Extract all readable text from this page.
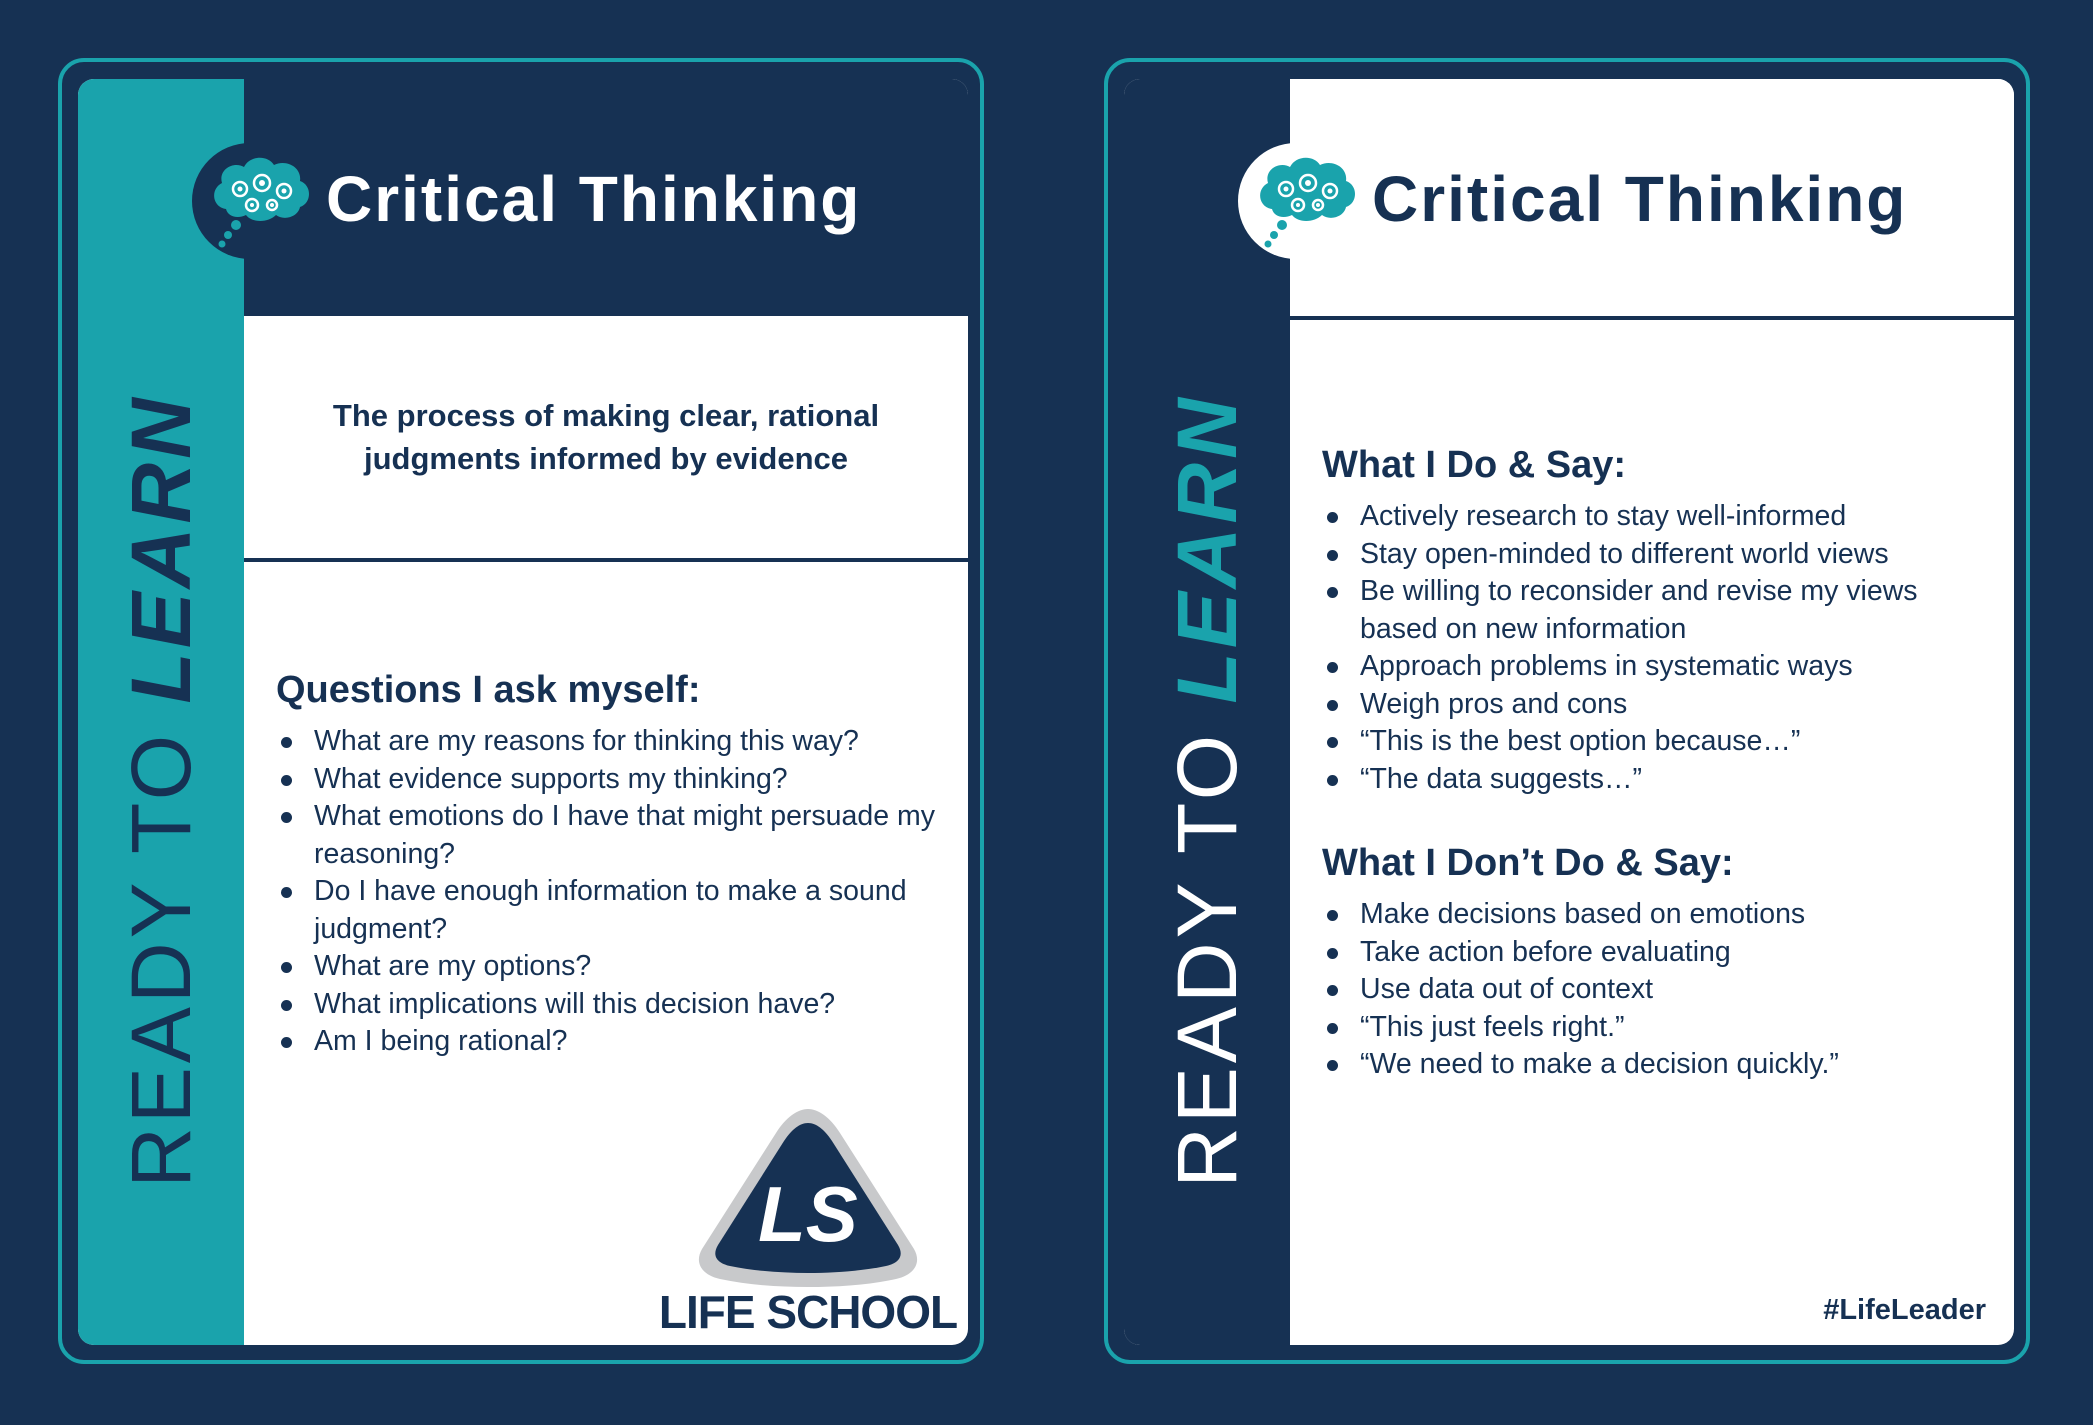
READY TO LEARN
Critical Thinking
The process of making clear, rational judgments informed by evidence
Questions I ask myself:
What are my reasons for thinking this way?
What evidence supports my thinking?
What emotions do I have that might persuade my reasoning?
Do I have enough information to make a sound judgment?
What are my options?
What implications will this decision have?
Am I being rational?
LS
LIFE SCHOOL
READY TO LEARN
Critical Thinking
What I Do & Say:
Actively research to stay well-informed
Stay open-minded to different world views
Be willing to reconsider and revise my views based on new information
Approach problems in systematic ways
Weigh pros and cons
“This is the best option because…”
“The data suggests…”
What I Don’t Do & Say:
Make decisions based on emotions
Take action before evaluating
Use data out of context
“This just feels right.”
“We need to make a decision quickly.”
#LifeLeader
